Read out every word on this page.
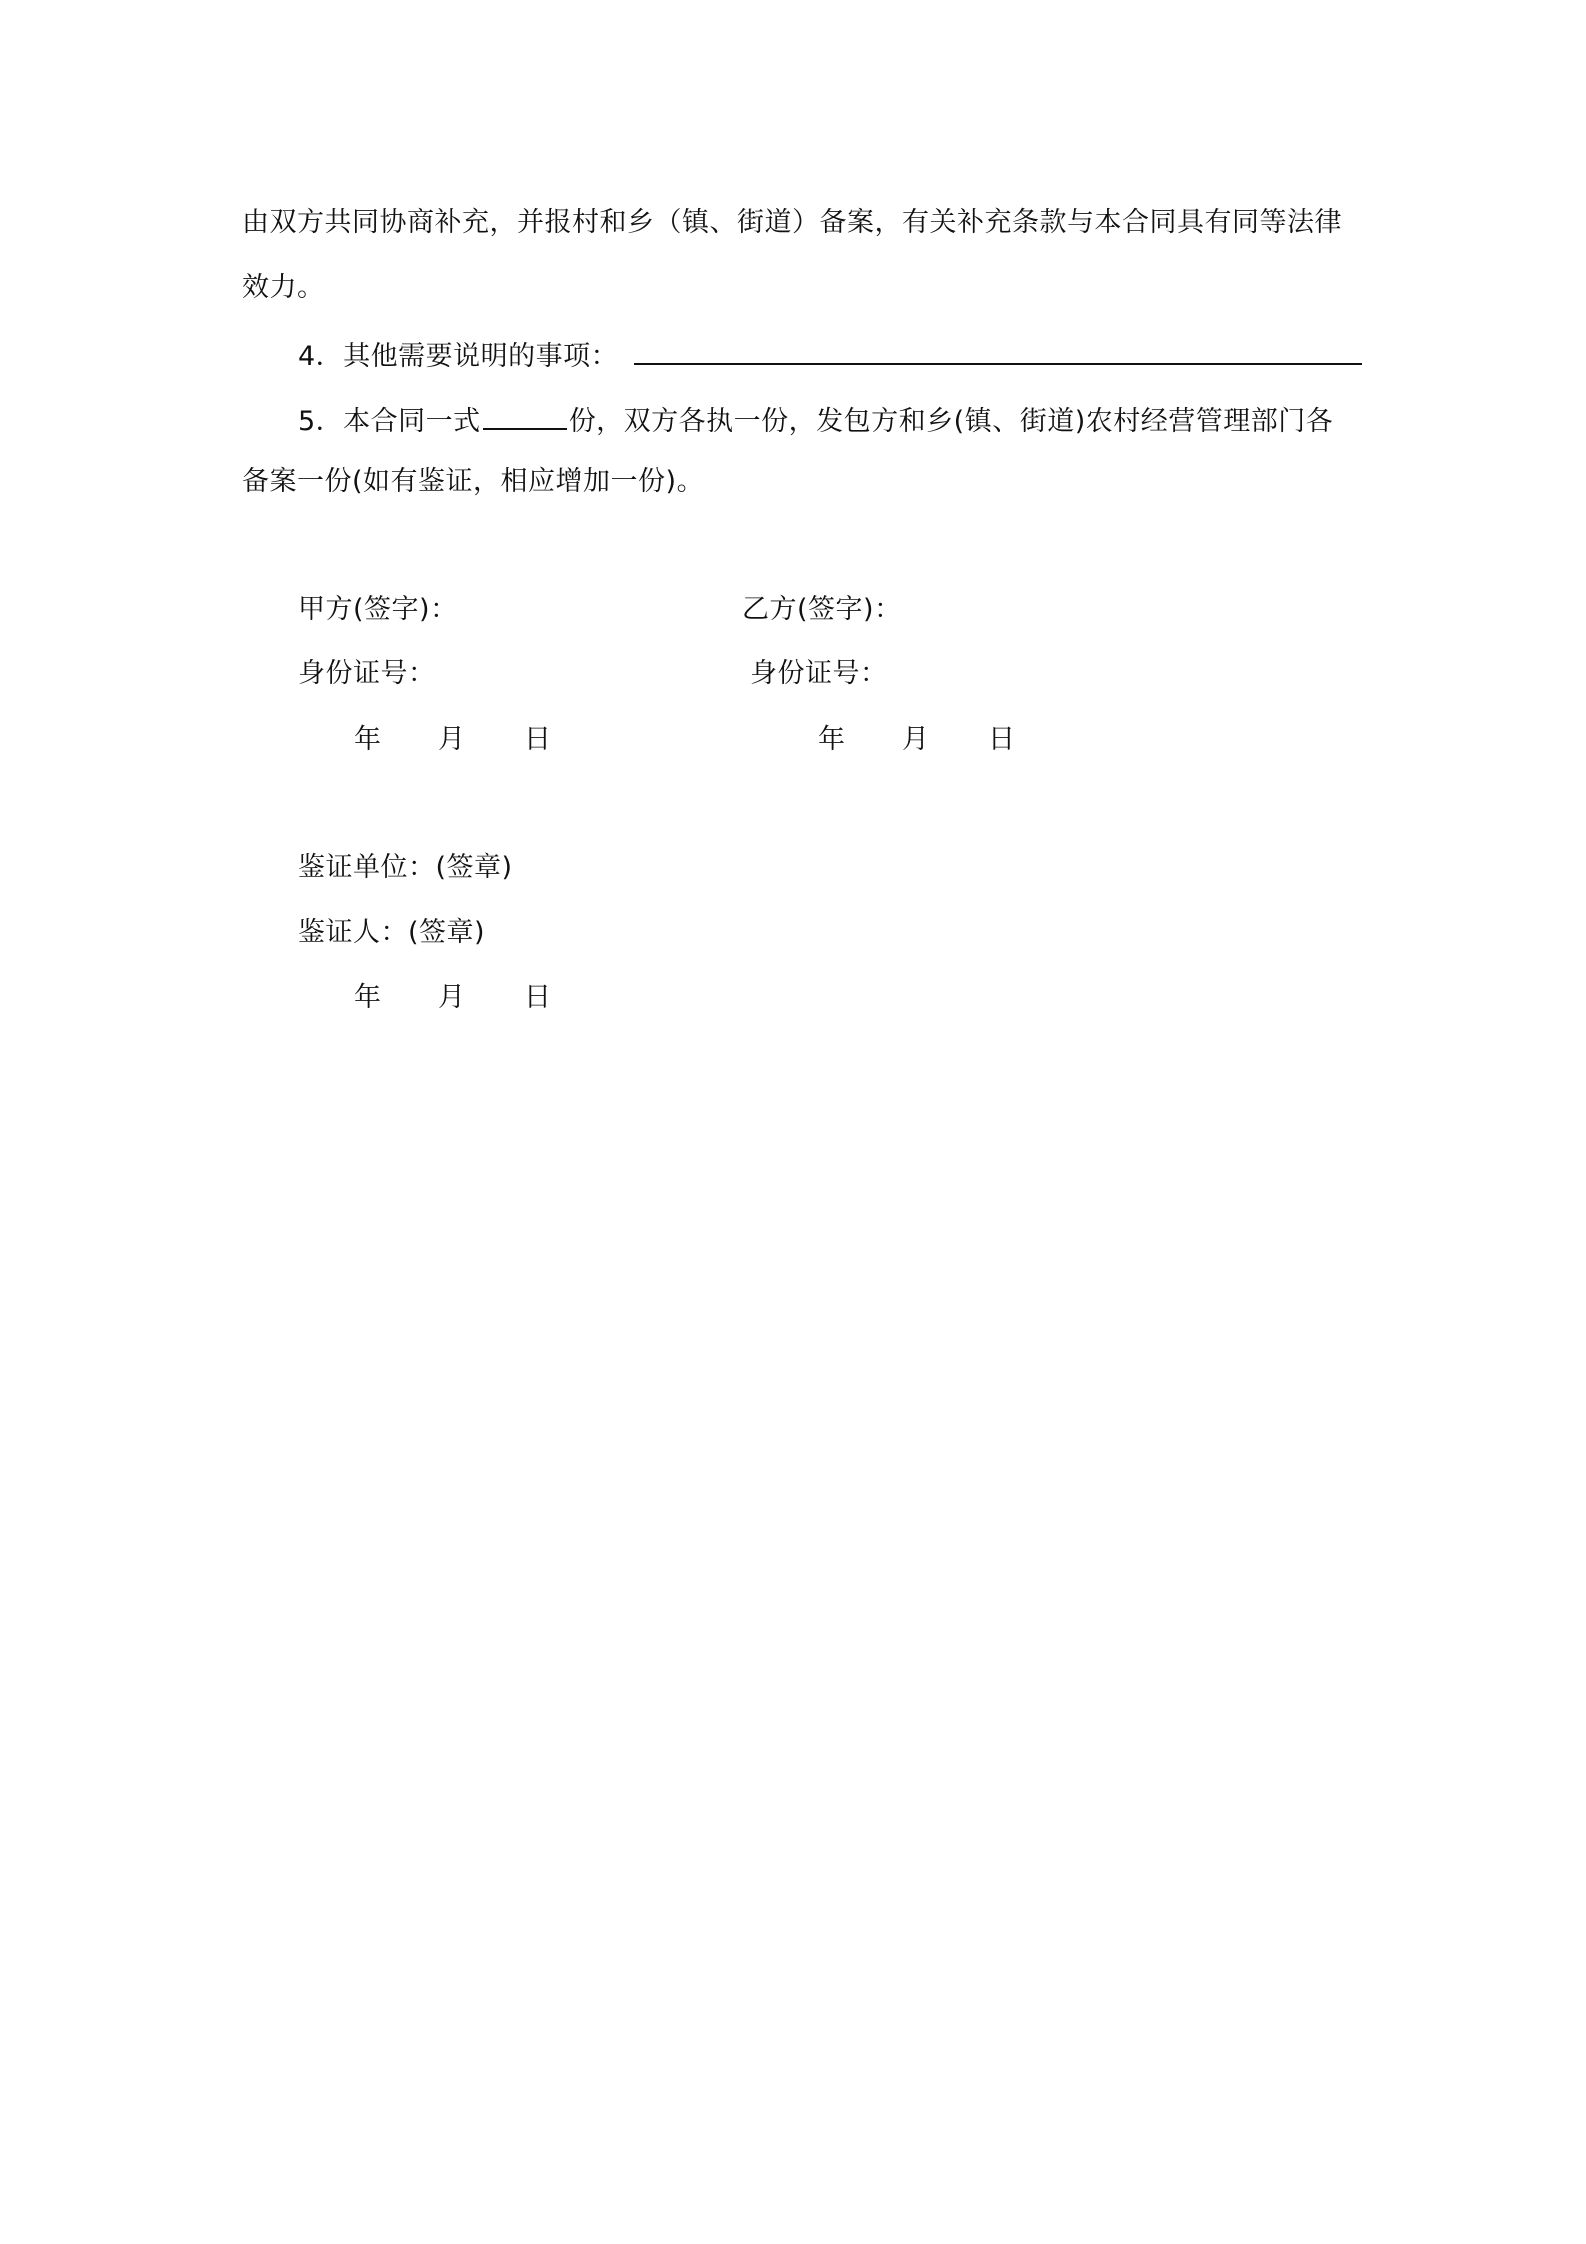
由双方共同协商补充，并报村和乡（镇、街道）备案，有关补充条款与本合同具有同等法律
效力。
4．其他需要说明的事项：
5．本合同一式	份，双方各执一份，发包方和乡(镇、街道)农村经营管理部门各
备案一份(如有鉴证，相应增加一份)。
甲方(签字)：	乙方(签字)：
身份证号：	身份证号：
年 月 日	年 月 日
鉴证单位：(签章)
鉴证人：(签章)
年 月 日
